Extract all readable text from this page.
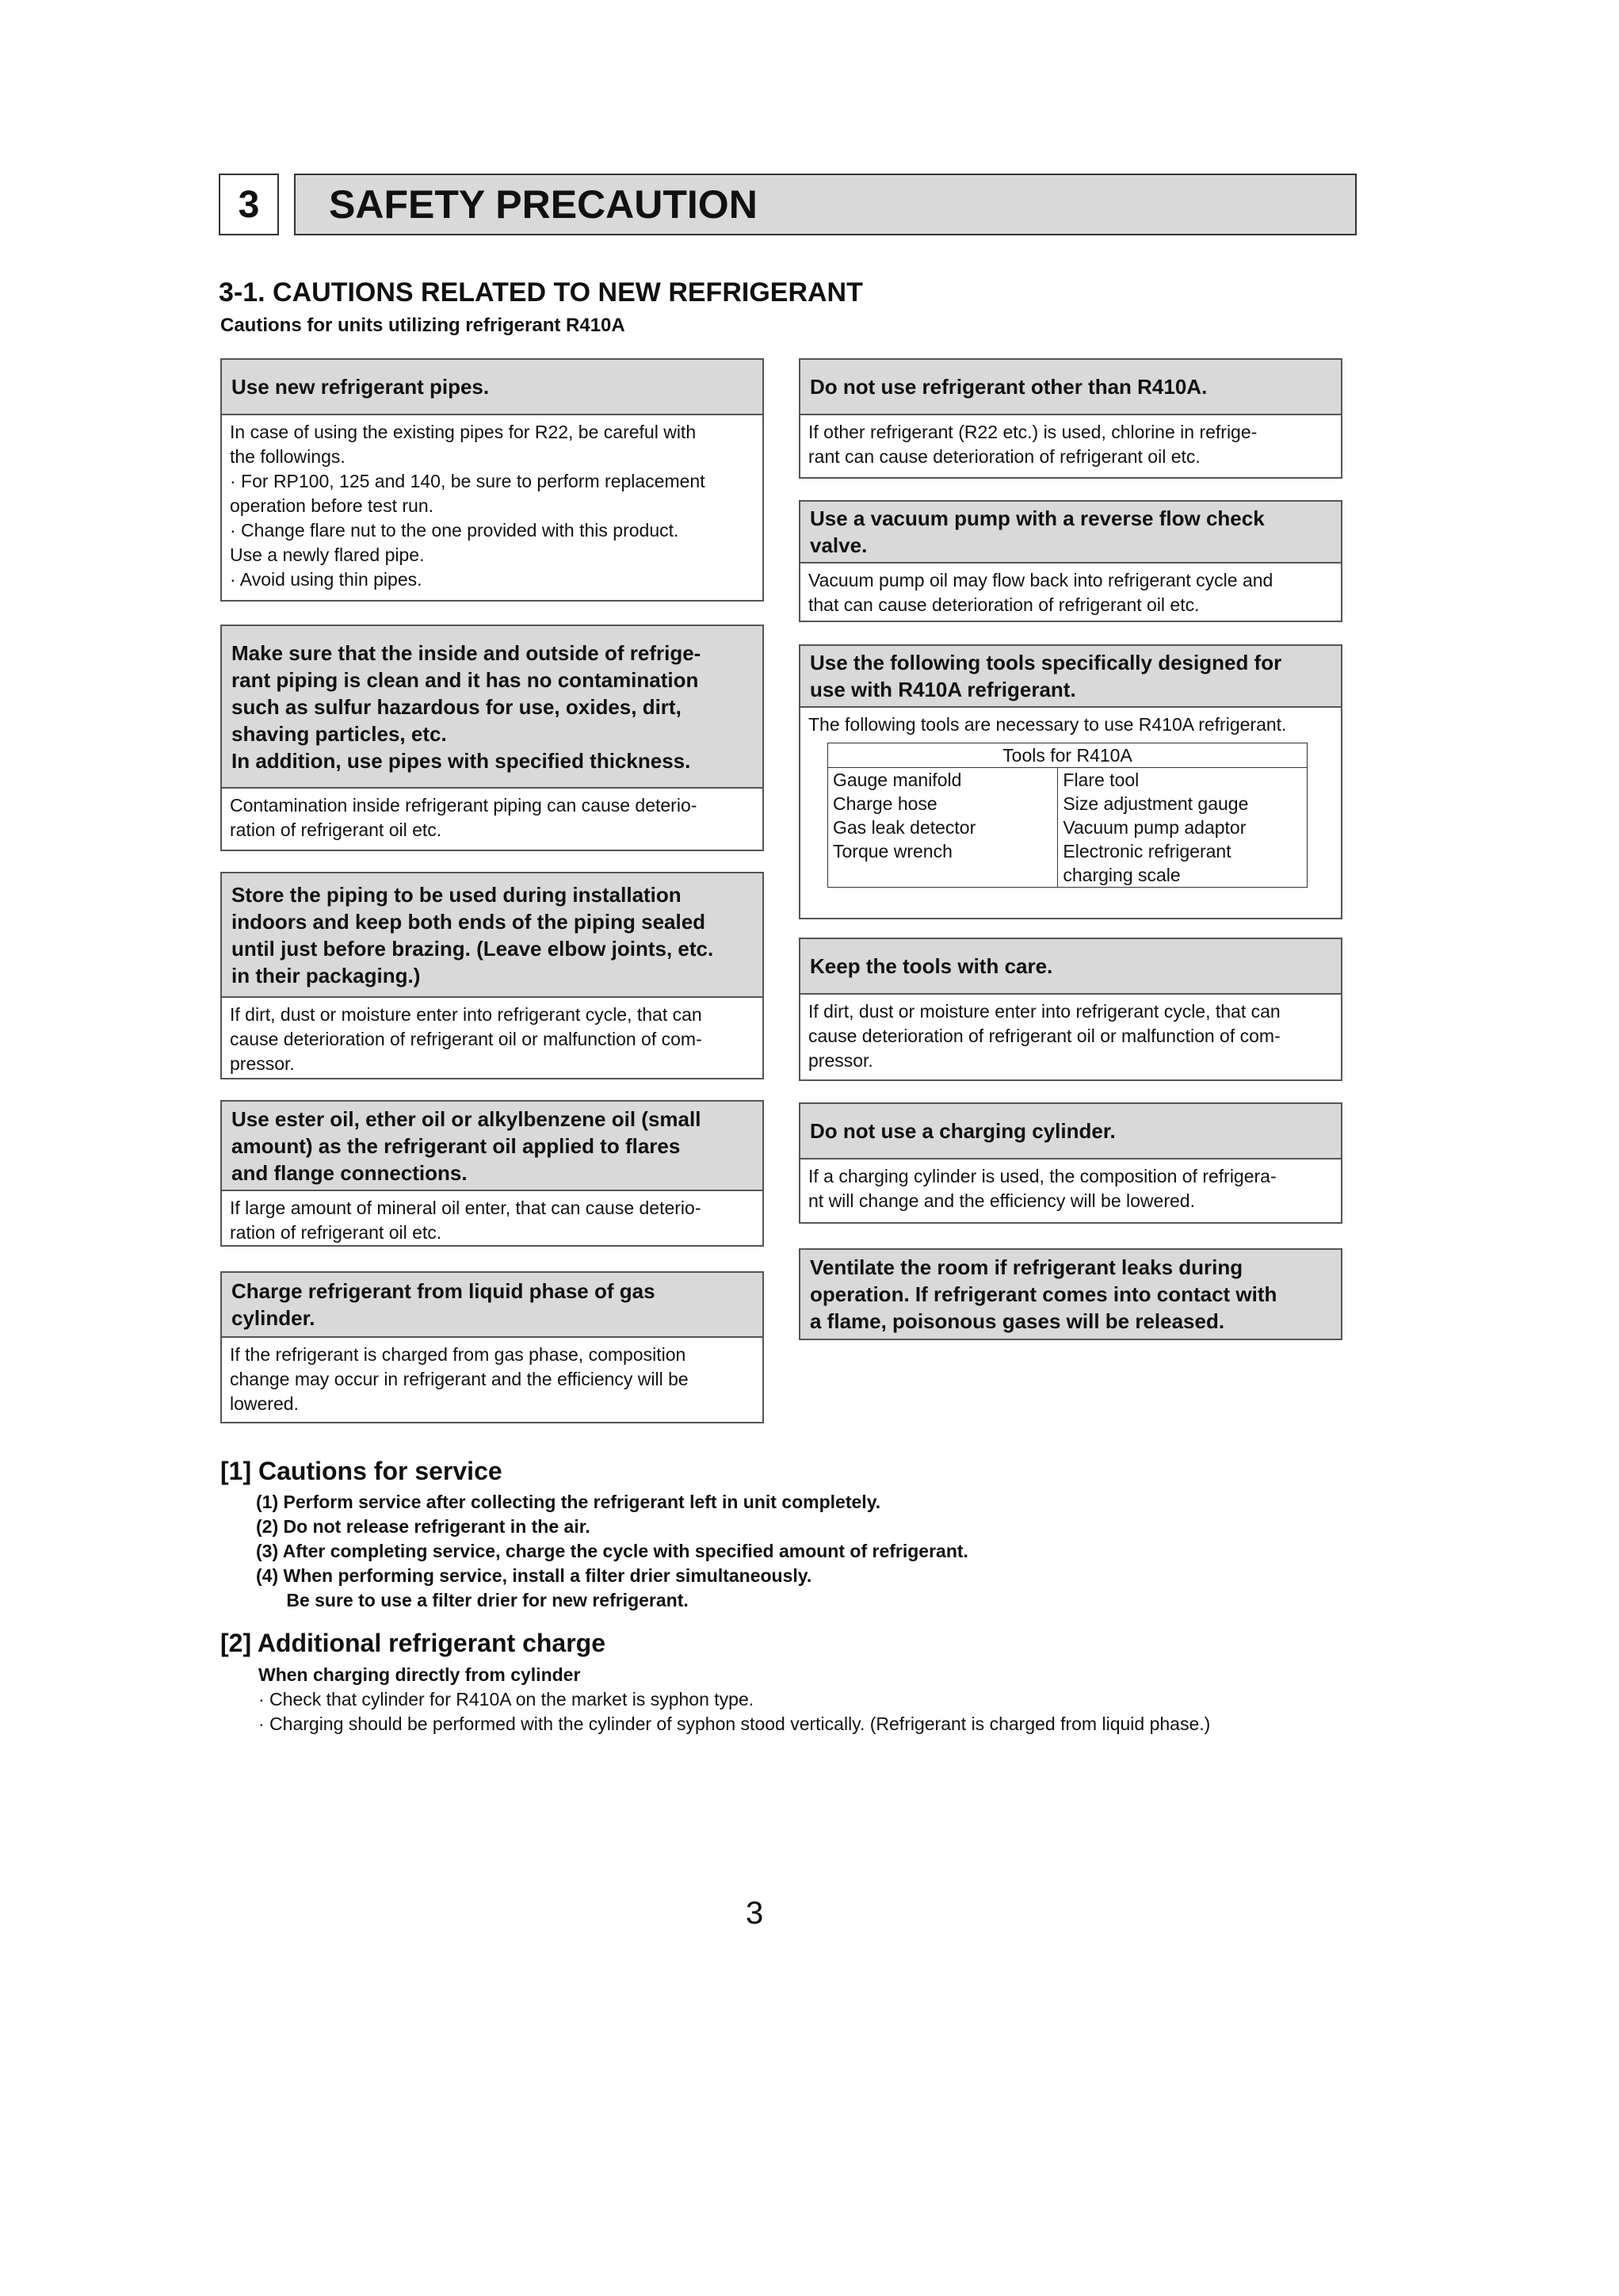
3	SAFETY PRECAUTION
3-1. CAUTIONS RELATED TO NEW REFRIGERANT
Cautions for units utilizing refrigerant R410A
Use new refrigerant pipes.
In case of using the existing pipes for R22, be careful with
the followings.
· For RP100, 125 and 140, be sure to perform replacement
operation before test run.
· Change flare nut to the one provided with this product.
Use a newly flared pipe.
· Avoid using thin pipes.
Make sure that the inside and outside of refrige-
rant piping is clean and it has no contamination
such as sulfur hazardous for use, oxides, dirt,
shaving particles, etc.
In addition, use pipes with specified thickness.
Contamination inside refrigerant piping can cause deterio-
ration of refrigerant oil etc.
Store the piping to be used during installation
indoors and keep both ends of the piping sealed
until just before brazing. (Leave elbow joints, etc.
in their packaging.)
If dirt, dust or moisture enter into refrigerant cycle, that can
cause deterioration of refrigerant oil or malfunction of com-
pressor.
Use ester oil, ether oil or alkylbenzene oil (small
amount) as the refrigerant oil applied to flares
and flange connections.
If large amount of mineral oil enter, that can cause deterio-
ration of refrigerant oil etc.
Charge refrigerant from liquid phase of gas
cylinder.
If the refrigerant is charged from gas phase, composition
change may occur in refrigerant and the efficiency will be
lowered.
Do not use refrigerant other than R410A.
If other refrigerant (R22 etc.) is used, chlorine in refrige-
rant can cause deterioration of refrigerant oil etc.
Use a vacuum pump with a reverse flow check
valve.
Vacuum pump oil may flow back into refrigerant cycle and
that can cause deterioration of refrigerant oil etc.
Use the following tools specifically designed for
use with R410A refrigerant.
The following tools are necessary to use R410A refrigerant.
Tools for R410A	
Gauge manifold	Flare tool
Charge hose	Size adjustment gauge
Gas leak detector	Vacuum pump adaptor
Torque wrench	Electronic refrigerant
charging scale
Keep the tools with care.
If dirt, dust or moisture enter into refrigerant cycle, that can
cause deterioration of refrigerant oil or malfunction of com-
pressor.
Do not use a charging cylinder.
If a charging cylinder is used, the composition of refrigera-
nt will change and the efficiency will be lowered.
Ventilate the room if refrigerant leaks during
operation. If refrigerant comes into contact with
a flame, poisonous gases will be released.
[1] Cautions for service
(1) Perform service after collecting the refrigerant left in unit completely.
(2) Do not release refrigerant in the air.
(3) After completing service, charge the cycle with specified amount of refrigerant.
(4) When performing service, install a filter drier simultaneously.
Be sure to use a filter drier for new refrigerant.
[2] Additional refrigerant charge
When charging directly from cylinder
· Check that cylinder for R410A on the market is syphon type.
· Charging should be performed with the cylinder of syphon stood vertically. (Refrigerant is charged from liquid phase.)
3
